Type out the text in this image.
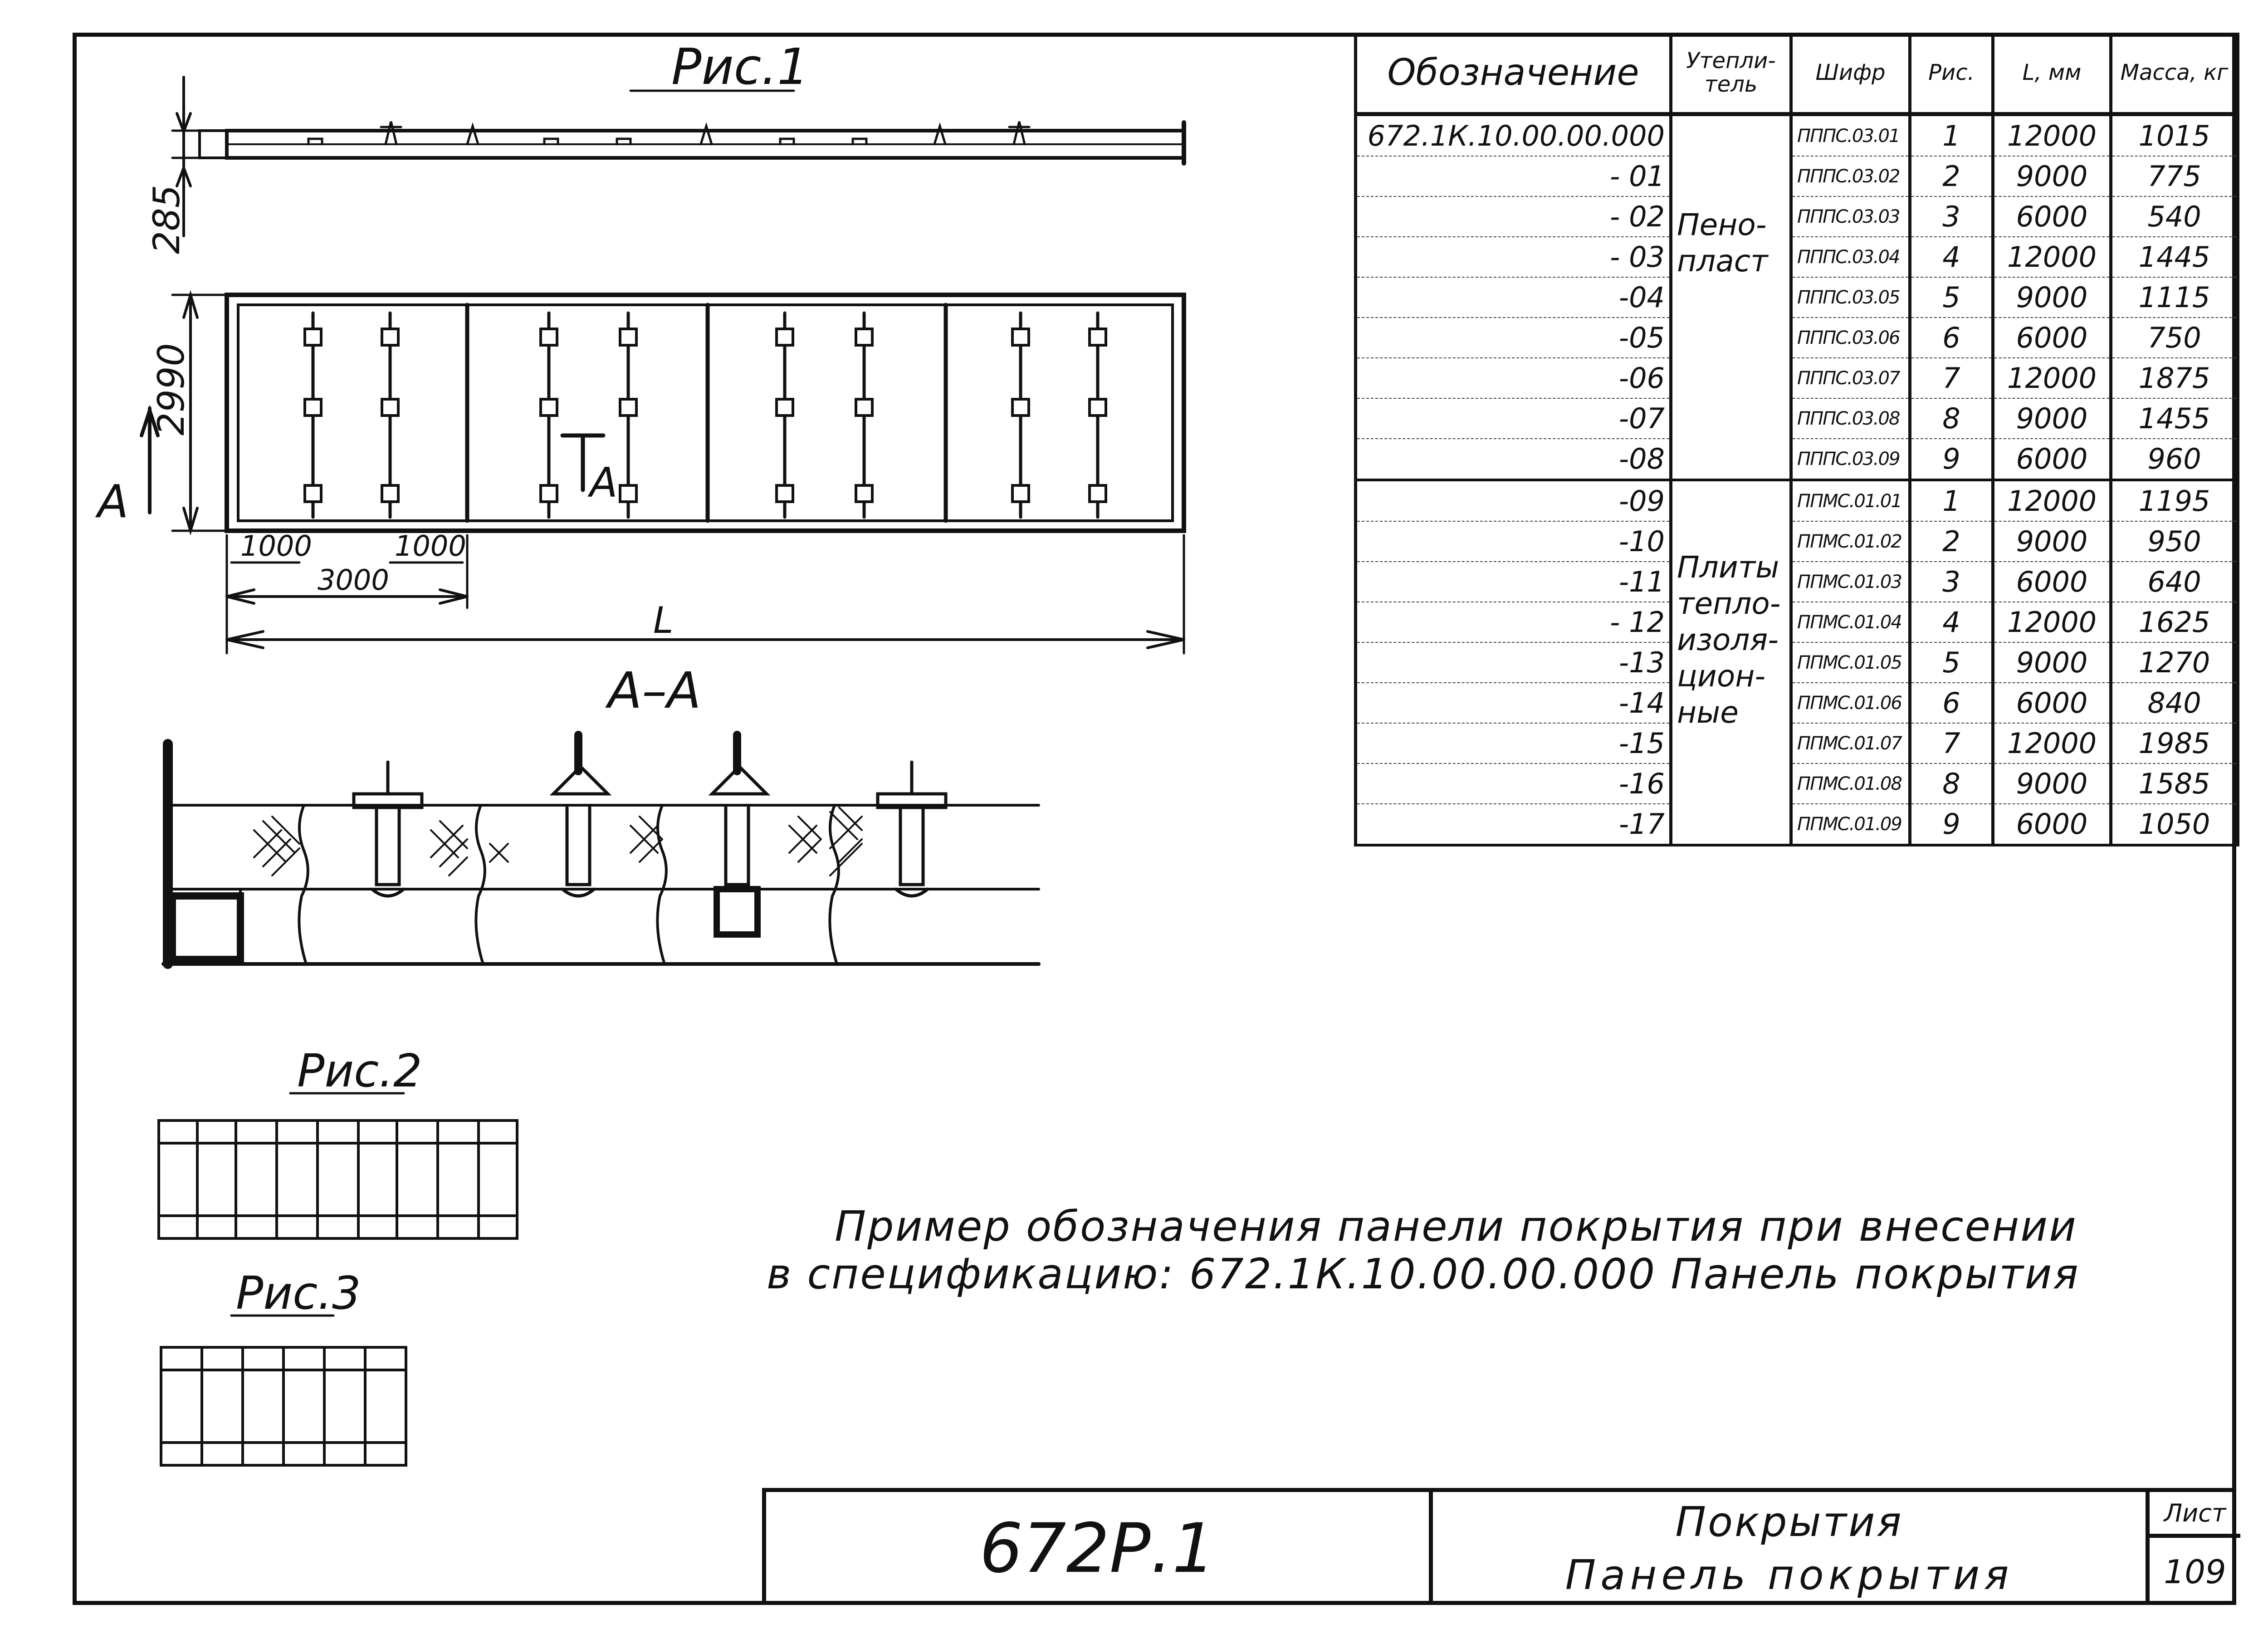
Рис.1
285
2990
A	A
1000	1000
3000
L
А–А
Рис.2
Рис.3
Обозначение	Утеплитель	Шифр	Рис.	L, мм	Масса, кг
672.1К.10.00.00.000	Пенопласт	ПППС.03.01	1	12000	1015
- 01		ПППС.03.02	2	9000	775
- 02		ПППС.03.03	3	6000	540
- 03		ПППС.03.04	4	12000	1445
-04		ПППС.03.05	5	9000	1115
-05		ПППС.03.06	6	6000	750
-06		ПППС.03.07	7	12000	1875
-07		ПППС.03.08	8	9000	1455
-08		ПППС.03.09	9	6000	960
-09	Плиты теплоизоляционные	ППМС.01.01	1	12000	1195
-10		ППМС.01.02	2	9000	950
-11		ППМС.01.03	3	6000	640
- 12		ППМС.01.04	4	12000	1625
-13		ППМС.01.05	5	9000	1270
-14		ППМС.01.06	6	6000	840
-15		ППМС.01.07	7	12000	1985
-16		ППМС.01.08	8	9000	1585
-17		ППМС.01.09	9	6000	1050
Пример обозначения панели покрытия при внесении
в спецификацию: 672.1К.10.00.00.000 Панель покрытия
672Р.1	Покрытия
Панель покрытия
Лист
109
